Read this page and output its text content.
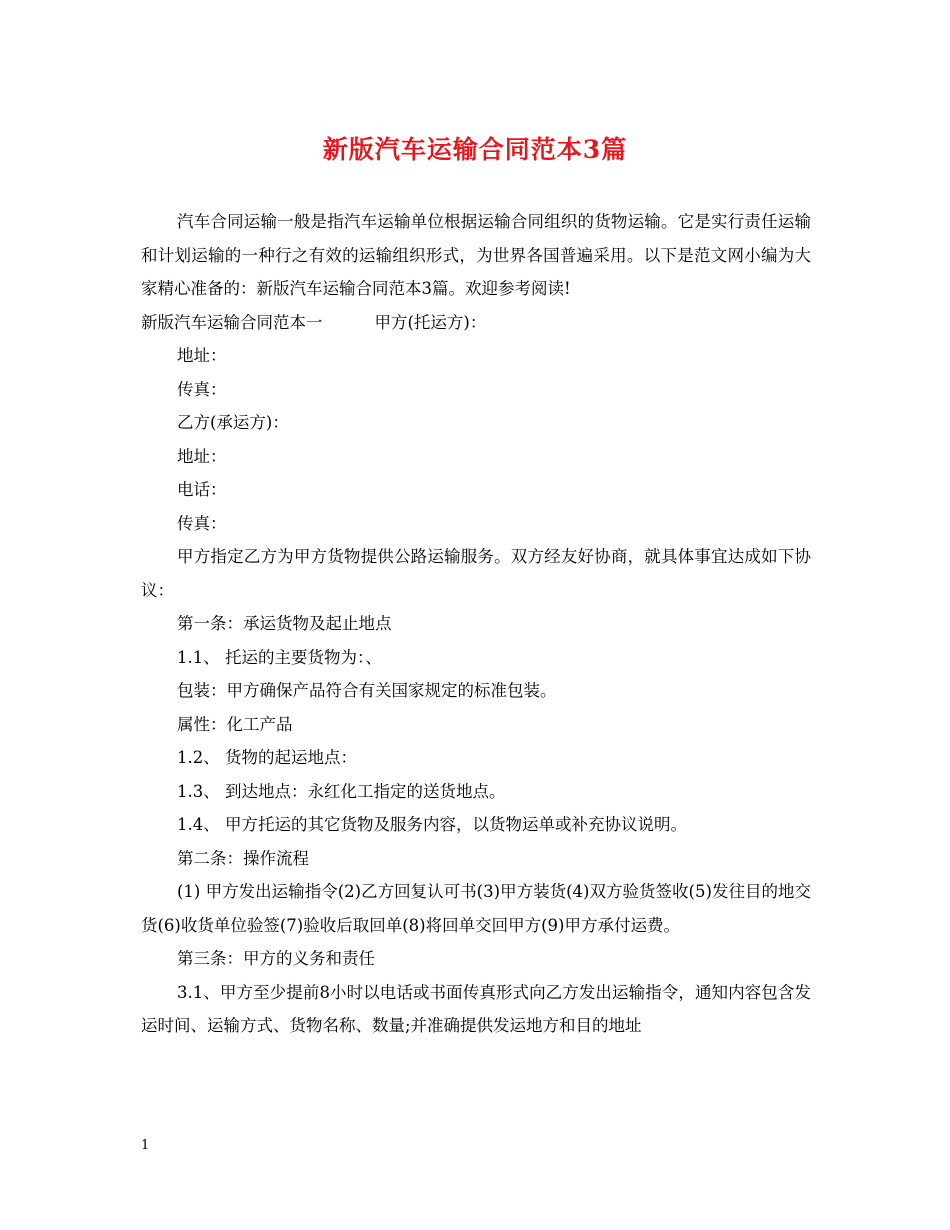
新版汽车运输合同范本3篇

汽车合同运输一般是指汽车运输单位根据运输合同组织的货物运输。它是实行责任运输和计划运输的一种行之有效的运输组织形式，为世界各国普遍采用。以下是范文网小编为大家精心准备的：新版汽车运输合同范本3篇。欢迎参考阅读!

新版汽车运输合同范本一	甲方(托运方)：

地址：

传真：

乙方(承运方)：

地址：

电话：

传真：

甲方指定乙方为甲方货物提供公路运输服务。双方经友好协商，就具体事宜达成如下协议：

第一条：承运货物及起止地点

1.1、 托运的主要货物为：、

包装：甲方确保产品符合有关国家规定的标准包装。

属性：化工产品

1.2、 货物的起运地点：

1.3、 到达地点：永红化工指定的送货地点。

1.4、 甲方托运的其它货物及服务内容，以货物运单或补充协议说明。

第二条：操作流程

(1) 甲方发出运输指令(2)乙方回复认可书(3)甲方装货(4)双方验货签收(5)发往目的地交货(6)收货单位验签(7)验收后取回单(8)将回单交回甲方(9)甲方承付运费。

第三条：甲方的义务和责任

3.1、甲方至少提前8小时以电话或书面传真形式向乙方发出运输指令，通知内容包含发运时间、运输方式、货物名称、数量;并准确提供发运地方和目的地址

1
